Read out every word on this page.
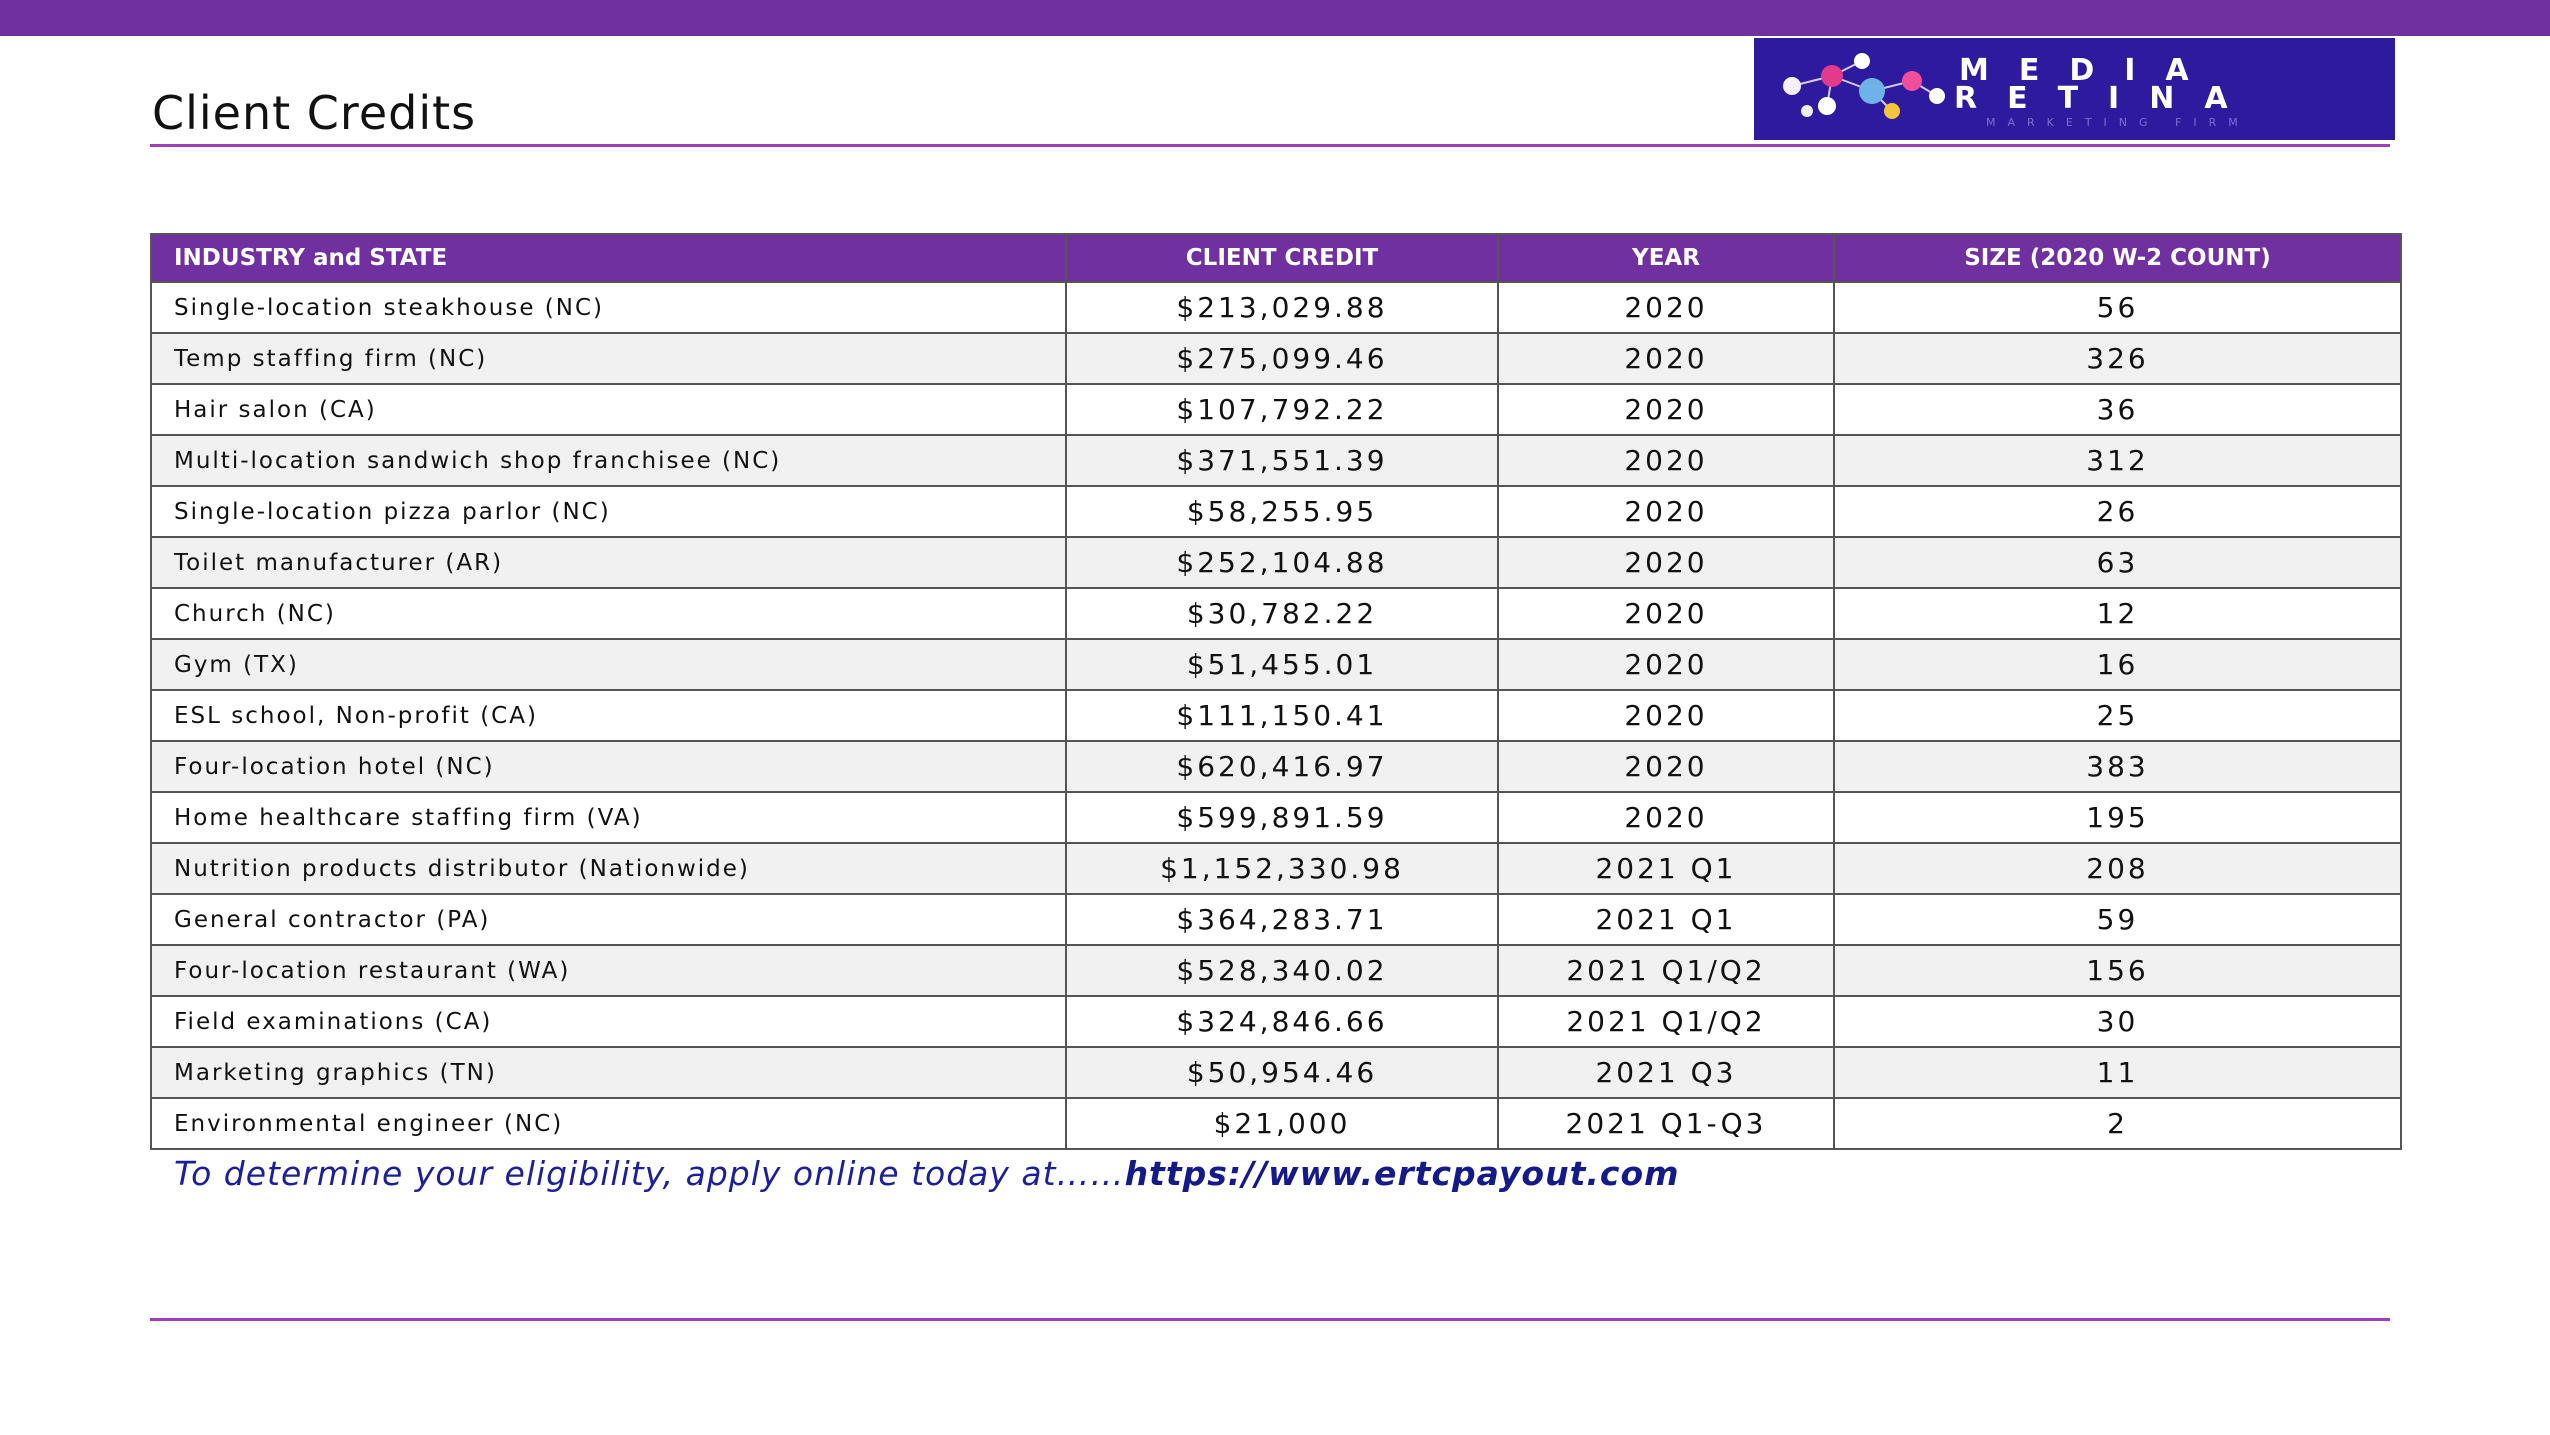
Client Credits
MEDIA
RETINA
MARKETING FIRM
INDUSTRY and STATE	CLIENT CREDIT	YEAR	SIZE (2020 W-2 COUNT)
Single-location steakhouse (NC)	$213,029.88	2020	56
Temp staffing firm (NC)	$275,099.46	2020	326
Hair salon (CA)	$107,792.22	2020	36
Multi-location sandwich shop franchisee (NC)	$371,551.39	2020	312
Single-location pizza parlor (NC)	$58,255.95	2020	26
Toilet manufacturer (AR)	$252,104.88	2020	63
Church (NC)	$30,782.22	2020	12
Gym (TX)	$51,455.01	2020	16
ESL school, Non-profit (CA)	$111,150.41	2020	25
Four-location hotel (NC)	$620,416.97	2020	383
Home healthcare staffing firm (VA)	$599,891.59	2020	195
Nutrition products distributor (Nationwide)	$1,152,330.98	2021 Q1	208
General contractor (PA)	$364,283.71	2021 Q1	59
Four-location restaurant (WA)	$528,340.02	2021 Q1/Q2	156
Field examinations (CA)	$324,846.66	2021 Q1/Q2	30
Marketing graphics (TN)	$50,954.46	2021 Q3	11
Environmental engineer (NC)	$21,000	2021 Q1-Q3	2
To determine your eligibility, apply online today at……https://www.ertcpayout.com
